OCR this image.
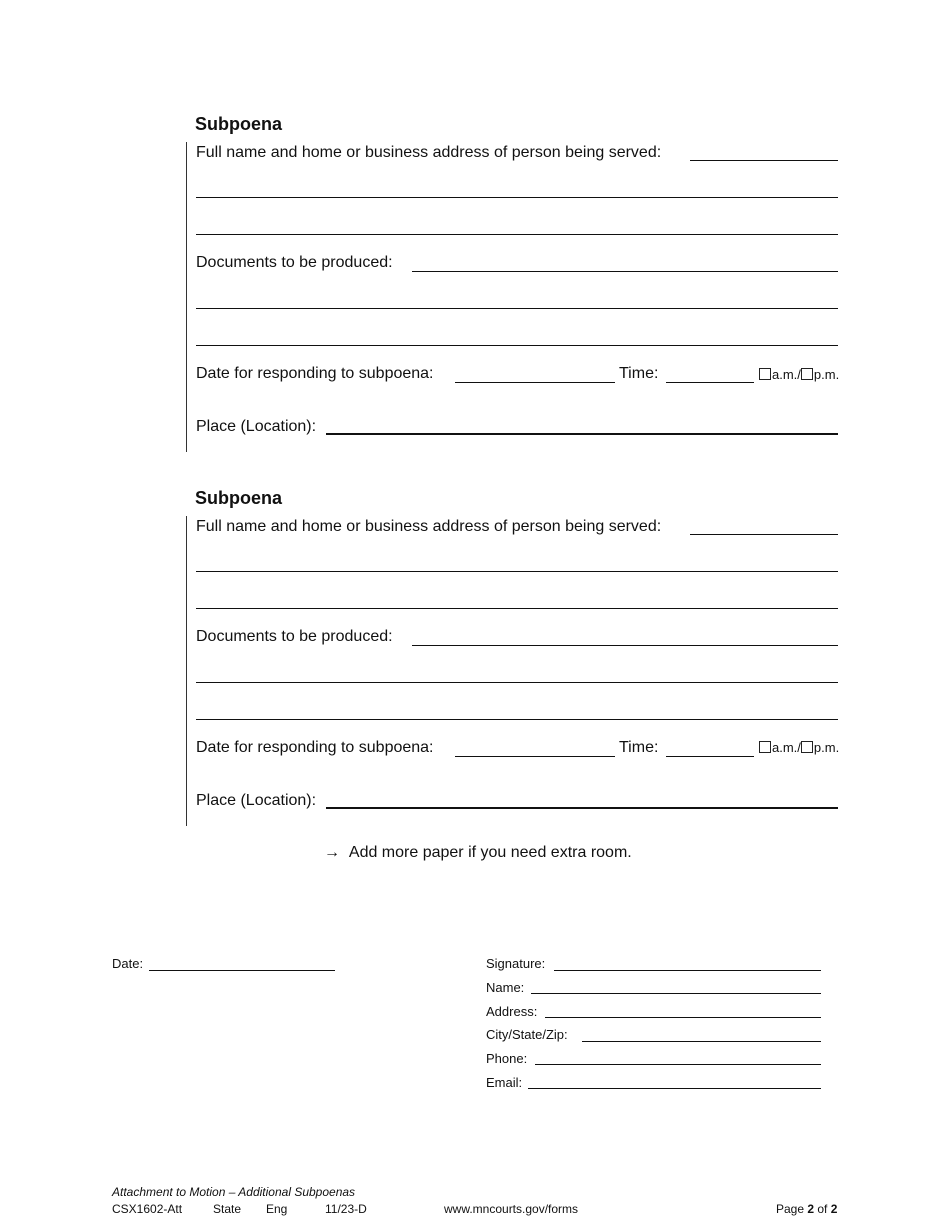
Subpoena
Full name and home or business address of person being served:
Documents to be produced:
Date for responding to subpoena:	Time:	a.m./ p.m.
Place (Location):
Subpoena
Full name and home or business address of person being served:
Documents to be produced:
Date for responding to subpoena:	Time:	a.m./ p.m.
Place (Location):
→ Add more paper if you need extra room.
Date:	Signature:
Name:
Address:
City/State/Zip:
Phone:
Email:
Attachment to Motion – Additional Subpoenas
CSX1602-Att	State Eng	11/23-D	www.mncourts.gov/forms	Page 2 of 2
